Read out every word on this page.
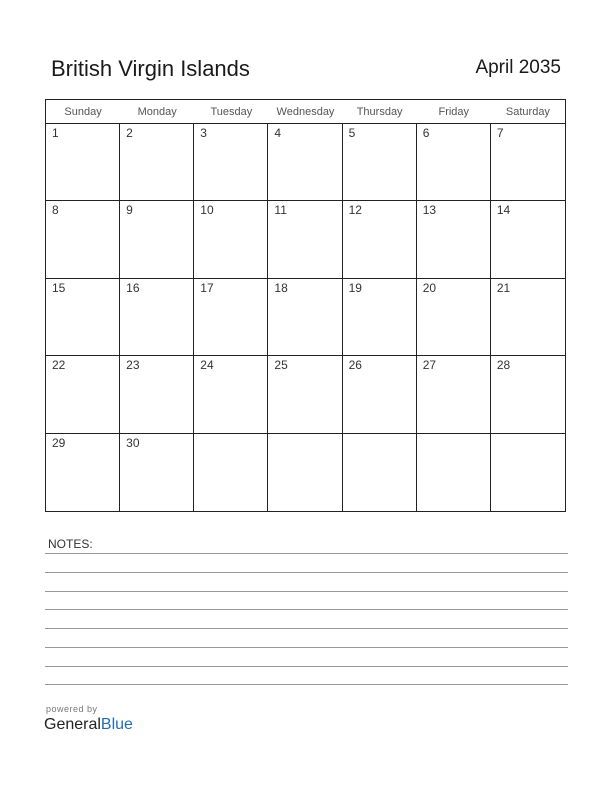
British Virgin Islands	April 2035
Sunday	Monday	Tuesday	Wednesday	Thursday	Friday	Saturday
1	2	3	4	5	6	7
8	9	10	11	12	13	14
15	16	17	18	19	20	21
22	23	24	25	26	27	28
29	30
NOTES:
powered by
GeneralBlue
